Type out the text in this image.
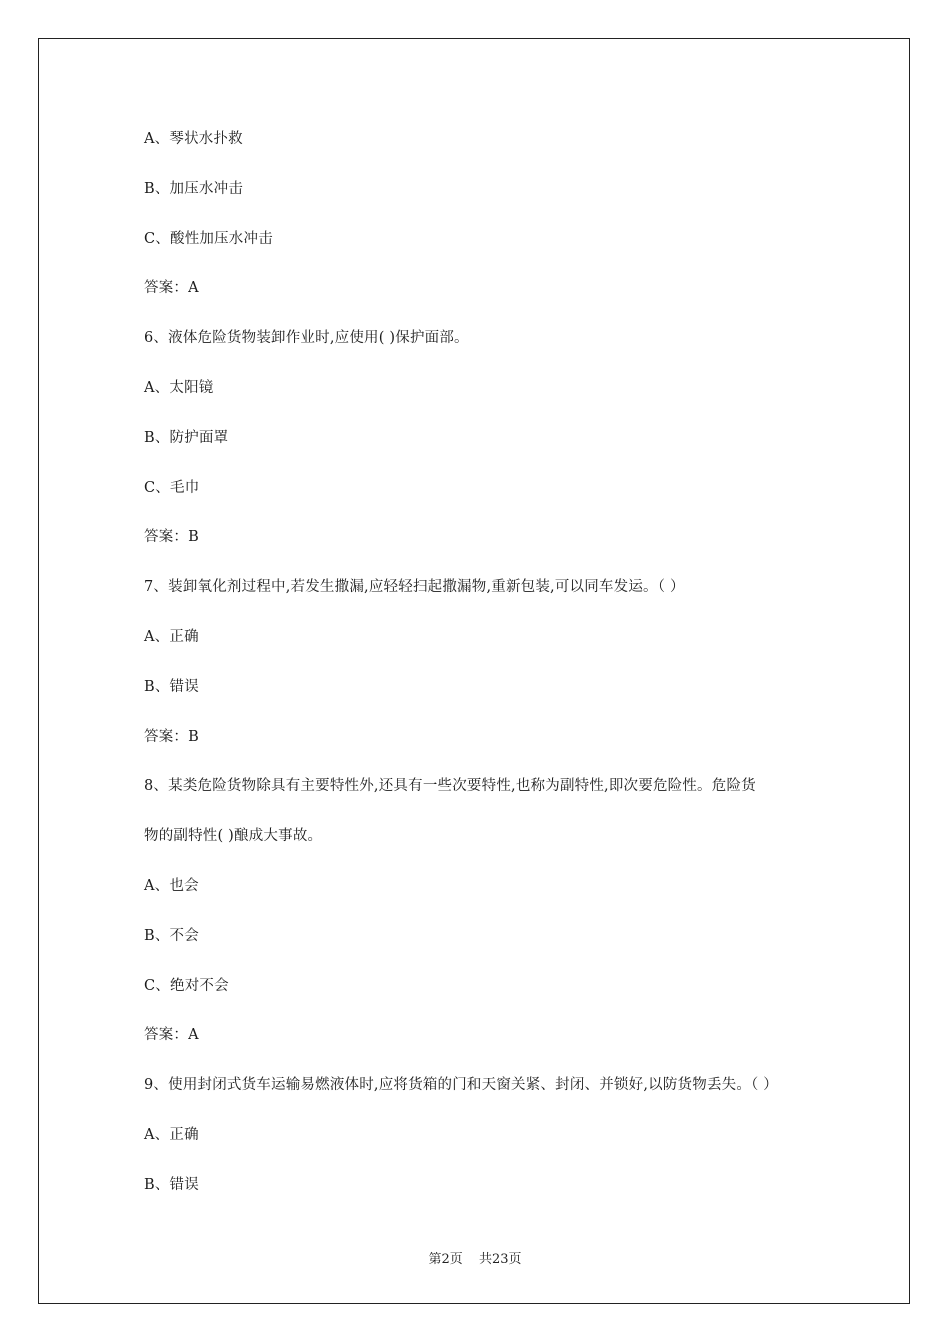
A、琴状水扑救
B、加压水冲击
C、酸性加压水冲击
答案：A
6、液体危险货物装卸作业时,应使用( )保护面部。
A、太阳镜
B、防护面罩
C、毛巾
答案：B
7、装卸氧化剂过程中,若发生撒漏,应轻轻扫起撒漏物,重新包装,可以同车发运。（ ）
A、正确
B、错误
答案：B
8、某类危险货物除具有主要特性外,还具有一些次要特性,也称为副特性,即次要危险性。危险货
物的副特性( )酿成大事故。
A、也会
B、不会
C、绝对不会
答案：A
9、使用封闭式货车运输易燃液体时,应将货箱的门和天窗关紧、封闭、并锁好,以防货物丢失。（ ）
A、正确
B、错误
第2页 共23页
